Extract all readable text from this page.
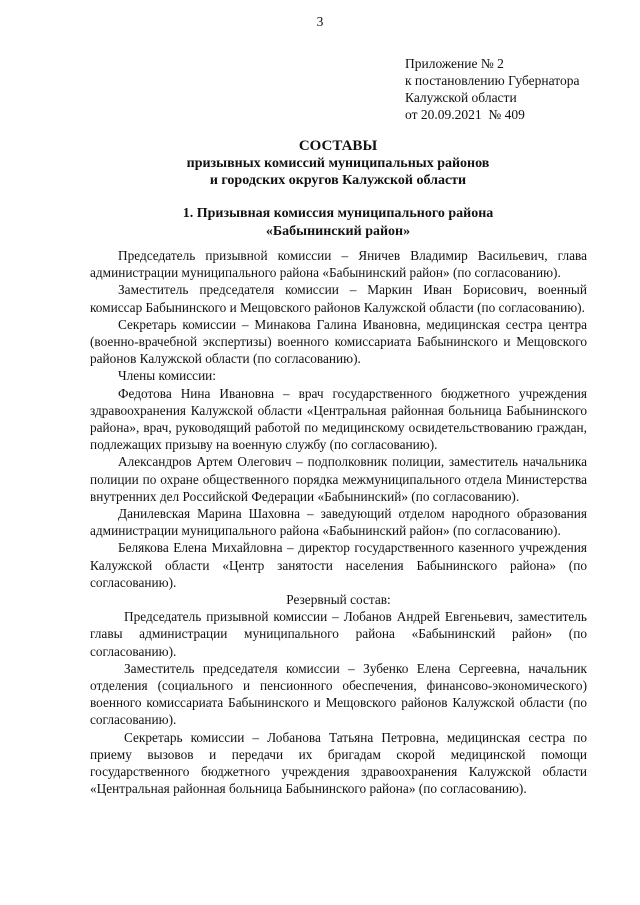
3

Приложение № 2
к постановлению Губернатора
Калужской области
от 20.09.2021  № 409
СОСТАВЫ
призывных комиссий муниципальных районов
и городских округов Калужской области
1. Призывная комиссия муниципального района
«Бабынинский район»

Председатель призывной комиссии – Яничев Владимир Васильевич, глава администрации муниципального района «Бабынинский район» (по согласованию).

Заместитель председателя комиссии – Маркин Иван Борисович, военный комиссар Бабынинского и Мещовского районов Калужской области (по согласованию).

Секретарь комиссии – Минакова Галина Ивановна, медицинская сестра центра (военно-врачебной экспертизы) военного комиссариата Бабынинского и Мещовского районов Калужской области (по согласованию).

Члены комиссии:

Федотова Нина Ивановна – врач государственного бюджетного учреждения здравоохранения Калужской области «Центральная районная больница Бабынинского района», врач, руководящий работой по медицинскому освидетельствованию граждан, подлежащих призыву на военную службу (по согласованию).

Александров Артем Олегович – подполковник полиции, заместитель начальника полиции по охране общественного порядка межмуниципального отдела Министерства внутренних дел Российской Федерации «Бабынинский» (по согласованию).

Данилевская Марина Шаховна – заведующий отделом народного образования администрации муниципального района «Бабынинский район» (по согласованию).

Белякова Елена Михайловна – директор государственного казенного учреждения Калужской области «Центр занятости населения Бабынинского района» (по согласованию).

Резервный состав:

Председатель призывной комиссии – Лобанов Андрей Евгеньевич, заместитель главы администрации муниципального района «Бабынинский район» (по согласованию).

Заместитель председателя комиссии – Зубенко Елена Сергеевна, начальник отделения (социального и пенсионного обеспечения, финансово-экономического) военного комиссариата Бабынинского и Мещовского районов Калужской области (по согласованию).

Секретарь комиссии – Лобанова Татьяна Петровна, медицинская сестра по приему вызовов и передачи их бригадам скорой медицинской помощи государственного бюджетного учреждения здравоохранения Калужской области «Центральная районная больница Бабынинского района» (по согласованию).
